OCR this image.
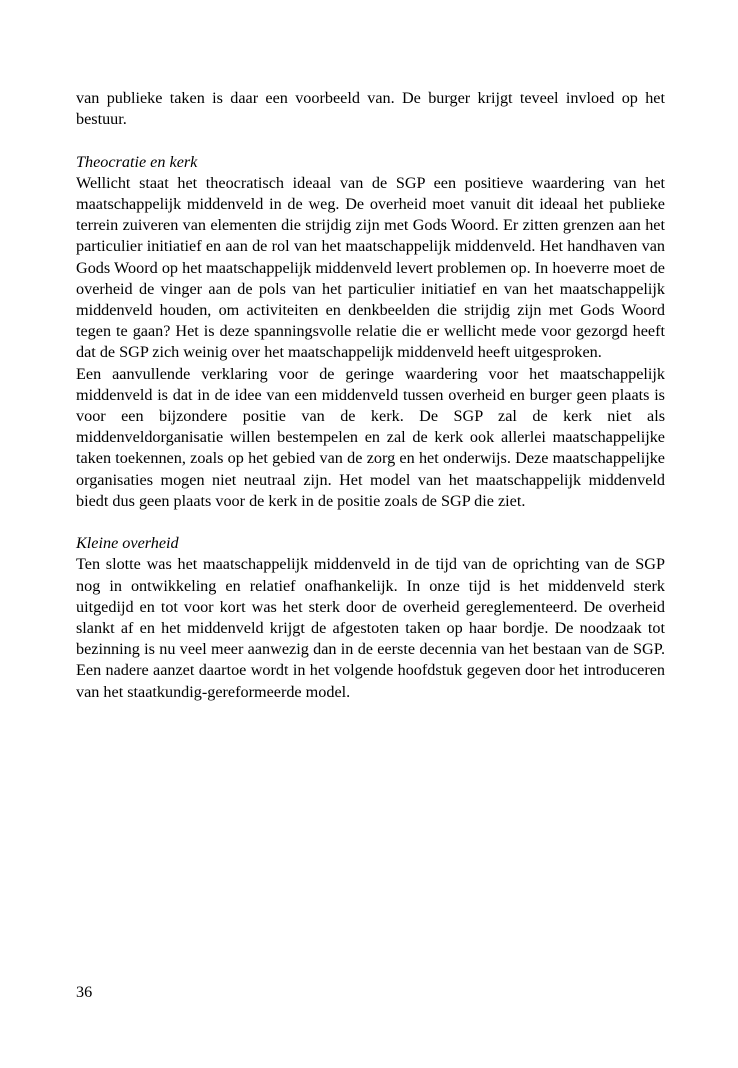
van publieke taken is daar een voorbeeld van. De burger krijgt teveel invloed op het bestuur.

Theocratie en kerk

Wellicht staat het theocratisch ideaal van de SGP een positieve waardering van het maatschappelijk middenveld in de weg. De overheid moet vanuit dit ideaal het publieke terrein zuiveren van elementen die strijdig zijn met Gods Woord. Er zitten grenzen aan het particulier initiatief en aan de rol van het maatschappelijk middenveld. Het handhaven van Gods Woord op het maatschappelijk middenveld levert problemen op. In hoeverre moet de overheid de vinger aan de pols van het particulier initiatief en van het maatschappelijk middenveld houden, om activiteiten en denkbeelden die strijdig zijn met Gods Woord tegen te gaan? Het is deze spanningsvolle relatie die er wellicht mede voor gezorgd heeft dat de SGP zich weinig over het maatschappelijk middenveld heeft uitgesproken.

Een aanvullende verklaring voor de geringe waardering voor het maatschappelijk middenveld is dat in de idee van een middenveld tussen overheid en burger geen plaats is voor een bijzondere positie van de kerk. De SGP zal de kerk niet als middenveldorganisatie willen bestempelen en zal de kerk ook allerlei maatschappelijke taken toekennen, zoals op het gebied van de zorg en het onderwijs. Deze maatschappelijke organisaties mogen niet neutraal zijn. Het model van het maatschappelijk middenveld biedt dus geen plaats voor de kerk in de positie zoals de SGP die ziet.

Kleine overheid

Ten slotte was het maatschappelijk middenveld in de tijd van de oprichting van de SGP nog in ontwikkeling en relatief onafhankelijk. In onze tijd is het middenveld sterk uitgedijd en tot voor kort was het sterk door de overheid gereglementeerd. De overheid slankt af en het middenveld krijgt de afgestoten taken op haar bordje. De noodzaak tot bezinning is nu veel meer aanwezig dan in de eerste decennia van het bestaan van de SGP. Een nadere aanzet daartoe wordt in het volgende hoofdstuk gegeven door het introduceren van het staatkundig-gereformeerde model.

36
